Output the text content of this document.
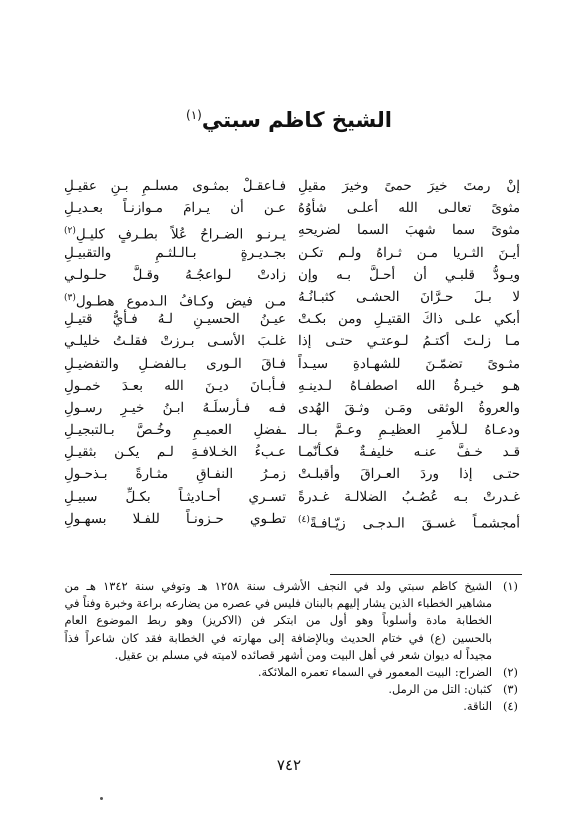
الشيخ كاظم سبتي$^{(١)}$
إنْ رمتَ خيرَ حمىً وخيرَ مقيلِ
مثوىً تعالـى الله أعلـى شأوُهُ
مثوىً سما شهبَ السما لضريحهِ
أيـنَ الثـريا مـن ثـراهُ ولـم تكـن
ويـودُّ قلبـي أن أحـلَّ بـه وإن
لا بـلَ حـرَّانَ الحشـى كثبـانُـهُ
أبكي علـى ذاكَ القتيـلِ ومن بكـتْ
مـا زلـتَ أكتـمُ لـوعتـي حتـى إذا
مثـوىً تضمّـنَ للشهـادةِ سيـداً
هـو خيـرةُ الله اصطفـاهُ لـدينـهِ
والعروةُ الوثقى ومَـن وثـقَ الهُدى
ودعـاهُ لـلأمرِ العظيـمِ وعـمَّ بـالـ
قـد خـفَّ عنـه خليفـةٌ فكـأنّمـا
حتـى إذا وردَ العـراقَ وأقبلـتْ
غـدرتْ بـه عُصُـبُ الضلالـة غـدرةً
أمجشمـاً غسـقَ الـدجـى زيّـافـةً$^{(٤)}$
فـاعقـلْ بمثـوى مسلـمِ بـنِ عقيـلِ
عـن أن يـرامَ مـوازنـاً بعـديـلِ
يـرنـو الضـراحُ عُلاً بطـرفٍ كليـلِ$^{(٢)}$
بجـديـرةٍ بـالـلثـمِ والتقبيـلِ
زادتْ لـواعجُـهُ وقـلَّ حلـولـي
مـن فيضِ وكـافُ الـدموعِ هطـولِ$^{(٣)}$
عيـنُ الحسيـنِ لـهُ فـأيُّ قتيـلِ
غلـبَ الأسـى بـرزتْ فقلـتُ خليلـي
فـاقَ الـورى بـالفضـلِ والتفضيـلِ
فـأبـانَ ديـنَ الله بعـدَ خمـولِ
فـه فـأرسلَـهُ ابـنُ خيـرِ رسـولِ
ـفضلِ العميـمِ وخُـصَّ بـالتبجيـلِ
عـبءُ الخـلافـةِ لـم يكـن بثقيـلِ
زمـرُ النفـاقِ مثـارةً بـذحـولِ
تسـري أحـاديثـاً بكـلِّ سبيـلِ
تطـوي حـزونـاً للفـلا بسهـولِ
(١)
الشيخ كاظم سبتي ولد في النجف الأشرف سنة ١٢٥٨ هـ وتوفي سنة ١٣٤٢ هـ من
مشاهير الخطباء الذين يشار إليهم بالبنان فليس في عصره من يضارعه براعة وخبرة وفناً في
الخطابة مادة وأسلوباً وهو أول من ابتكر فن (الاكريز) وهو ربط الموضوع العام
بالحسين (ع) في ختام الحديث وبالإضافة إلى مهارته في الخطابة فقد كان شاعراً فذاً
مجيداً له ديوان شعر في أهل البيت ومن أشهر قصائده لاميته في مسلم بن عقيل.
(٢)
الضراح: البيت المعمور في السماء تعمره الملائكة.
(٣)
كثبان: التل من الرمل.
(٤)
الناقة.
٧٤٢
